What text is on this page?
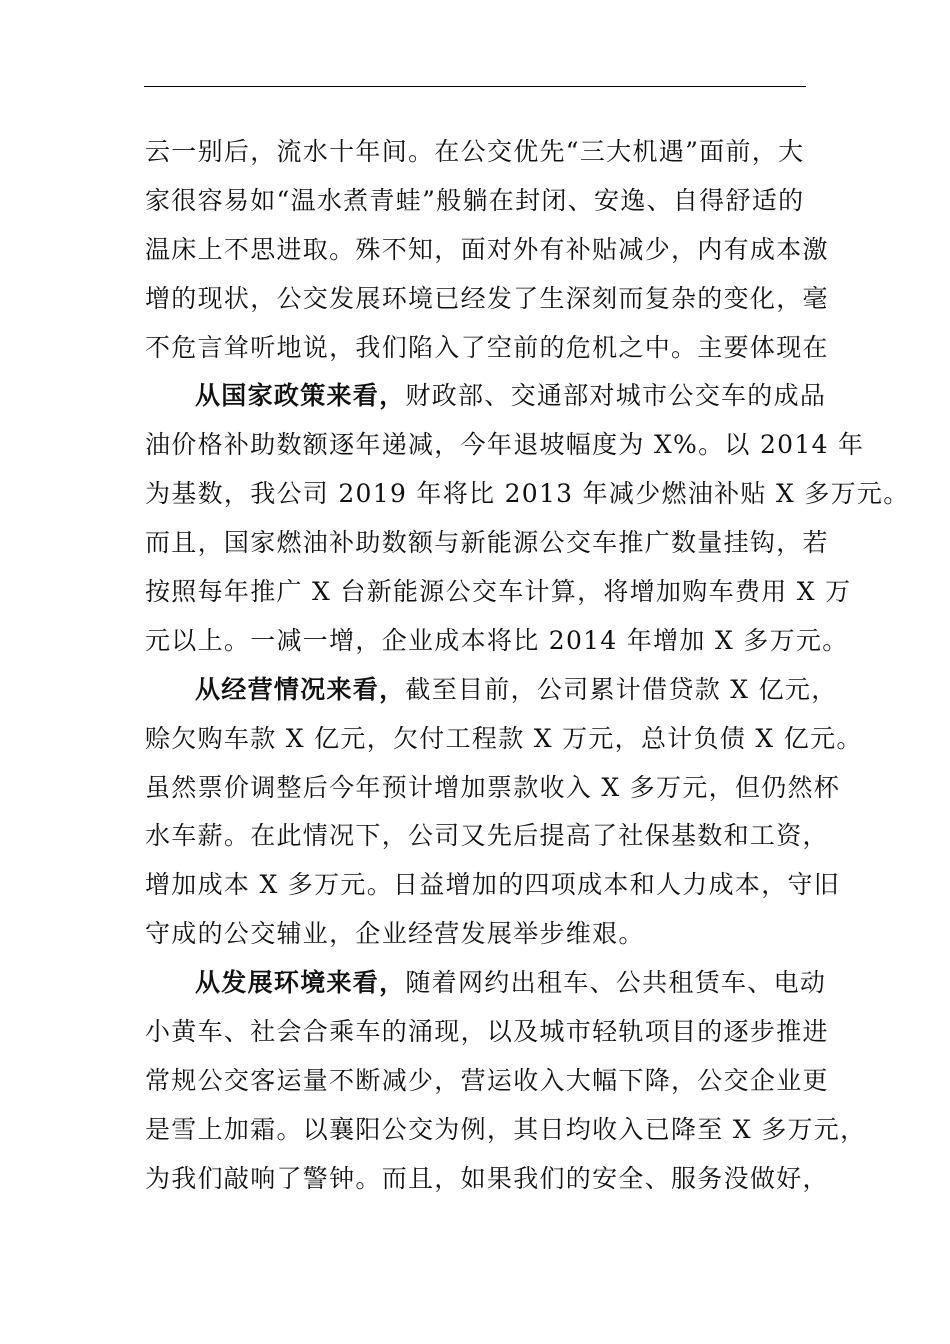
云一别后，流水十年间。在公交优先“三大机遇”面前，大
家很容易如“温水煮青蛙”般躺在封闭、安逸、自得舒适的
温床上不思进取。殊不知，面对外有补贴减少，内有成本激
增的现状，公交发展环境已经发了生深刻而复杂的变化，毫
不危言耸听地说，我们陷入了空前的危机之中。主要体现在
从国家政策来看，财政部、交通部对城市公交车的成品
油价格补助数额逐年递减，今年退坡幅度为 X%。以 2014 年
为基数，我公司 2019 年将比 2013 年减少燃油补贴 X 多万元。
而且，国家燃油补助数额与新能源公交车推广数量挂钩，若
按照每年推广 X 台新能源公交车计算，将增加购车费用 X 万
元以上。一减一增，企业成本将比 2014 年增加 X 多万元。
从经营情况来看，截至目前，公司累计借贷款 X 亿元，
赊欠购车款 X 亿元，欠付工程款 X 万元，总计负债 X 亿元。
虽然票价调整后今年预计增加票款收入 X 多万元，但仍然杯
水车薪。在此情况下，公司又先后提高了社保基数和工资，
增加成本 X 多万元。日益增加的四项成本和人力成本，守旧
守成的公交辅业，企业经营发展举步维艰。
从发展环境来看，随着网约出租车、公共租赁车、电动
小黄车、社会合乘车的涌现，以及城市轻轨项目的逐步推进
常规公交客运量不断减少，营运收入大幅下降，公交企业更
是雪上加霜。以襄阳公交为例，其日均收入已降至 X 多万元，
为我们敲响了警钟。而且，如果我们的安全、服务没做好，
